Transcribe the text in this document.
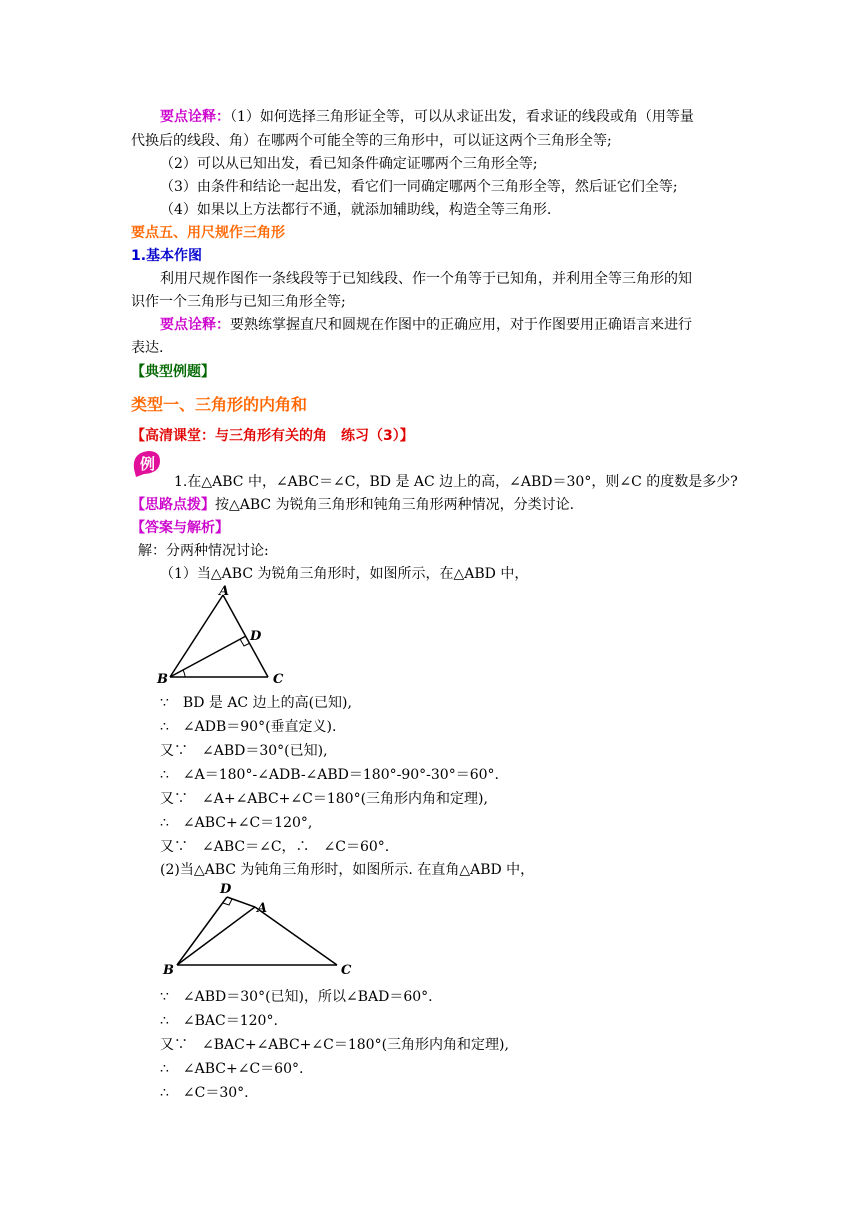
要点诠释：（1）如何选择三角形证全等，可以从求证出发，看求证的线段或角（用等量
代换后的线段、角）在哪两个可能全等的三角形中，可以证这两个三角形全等;
（2）可以从已知出发，看已知条件确定证哪两个三角形全等;
（3）由条件和结论一起出发，看它们一同确定哪两个三角形全等，然后证它们全等;
（4）如果以上方法都行不通，就添加辅助线，构造全等三角形.
要点五、用尺规作三角形
1.基本作图
利用尺规作图作一条线段等于已知线段、作一个角等于已知角，并利用全等三角形的知
识作一个三角形与已知三角形全等;
要点诠释：要熟练掌握直尺和圆规在作图中的正确应用，对于作图要用正确语言来进行
表达.
【典型例题】
类型一、三角形的内角和
【高清课堂：与三角形有关的角　练习（3）】
例
1.在△ABC 中，∠ABC＝∠C，BD 是 AC 边上的高，∠ABD＝30°，则∠C 的度数是多少?
【思路点拨】按△ABC 为锐角三角形和钝角三角形两种情况，分类讨论.
【答案与解析】
解：分两种情况讨论:
（1）当△ABC 为锐角三角形时，如图所示，在△ABD 中，
A
B	C
D
∵　BD 是 AC 边上的高(已知),
∴　∠ADB＝90°(垂直定义).
又∵　∠ABD＝30°(已知),
∴　∠A＝180°-∠ADB-∠ABD＝180°-90°-30°＝60°.
又∵　∠A+∠ABC+∠C＝180°(三角形内角和定理),
∴　∠ABC+∠C＝120°,
又∵　∠ABC＝∠C，∴　∠C＝60°.
(2)当△ABC 为钝角三角形时，如图所示. 在直角△ABD 中，
D
A
B	C
∵　∠ABD＝30°(已知)，所以∠BAD＝60°.
∴　∠BAC＝120°.
又∵　∠BAC+∠ABC+∠C＝180°(三角形内角和定理),
∴　∠ABC+∠C＝60°.
∴　∠C＝30°.
